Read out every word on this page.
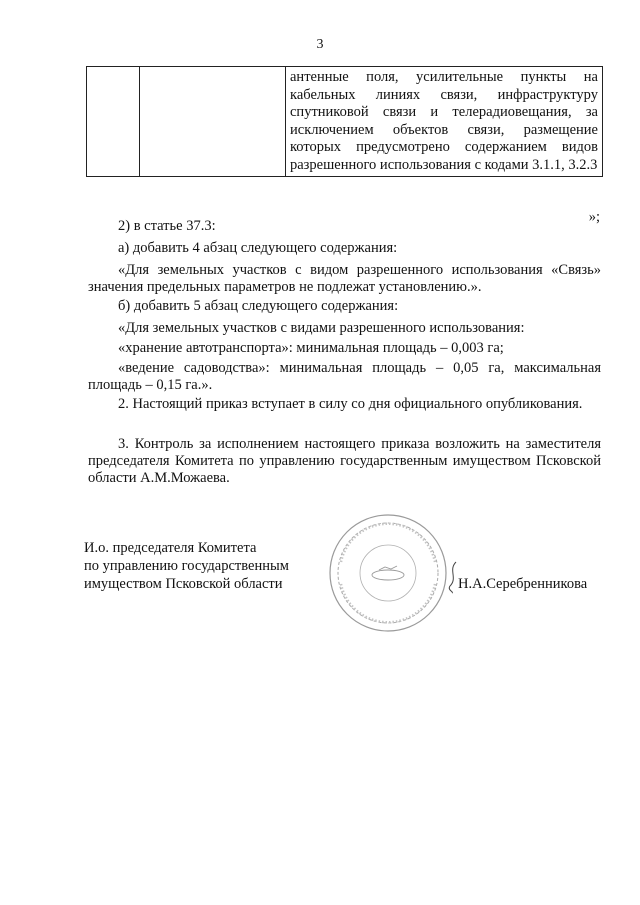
3
		антенные поля, усилительные пункты на кабельных линиях связи, инфраструктуру спутниковой связи и телерадиовещания, за исключением объектов связи, размещение которых предусмотрено содержанием видов разрешенного использования с кодами 3.1.1, 3.2.3
»;
2) в статье 37.3:
а) добавить 4 абзац следующего содержания:
«Для земельных участков с видом разрешенного использования «Связь» значения предельных параметров не подлежат установлению.».
б) добавить 5 абзац следующего содержания:
«Для земельных участков с видами разрешенного использования:
«хранение автотранспорта»: минимальная площадь – 0,003 га;
«ведение садоводства»: минимальная площадь – 0,05 га, максимальная площадь – 0,15 га.».
2. Настоящий приказ вступает в силу со дня официального опубликования.
3. Контроль за исполнением настоящего приказа возложить на заместителя председателя Комитета по управлению государственным имуществом Псковской области А.М.Можаева.
И.о. председателя Комитета
по управлению государственным
имуществом Псковской области	Н.А.Серебренникова
